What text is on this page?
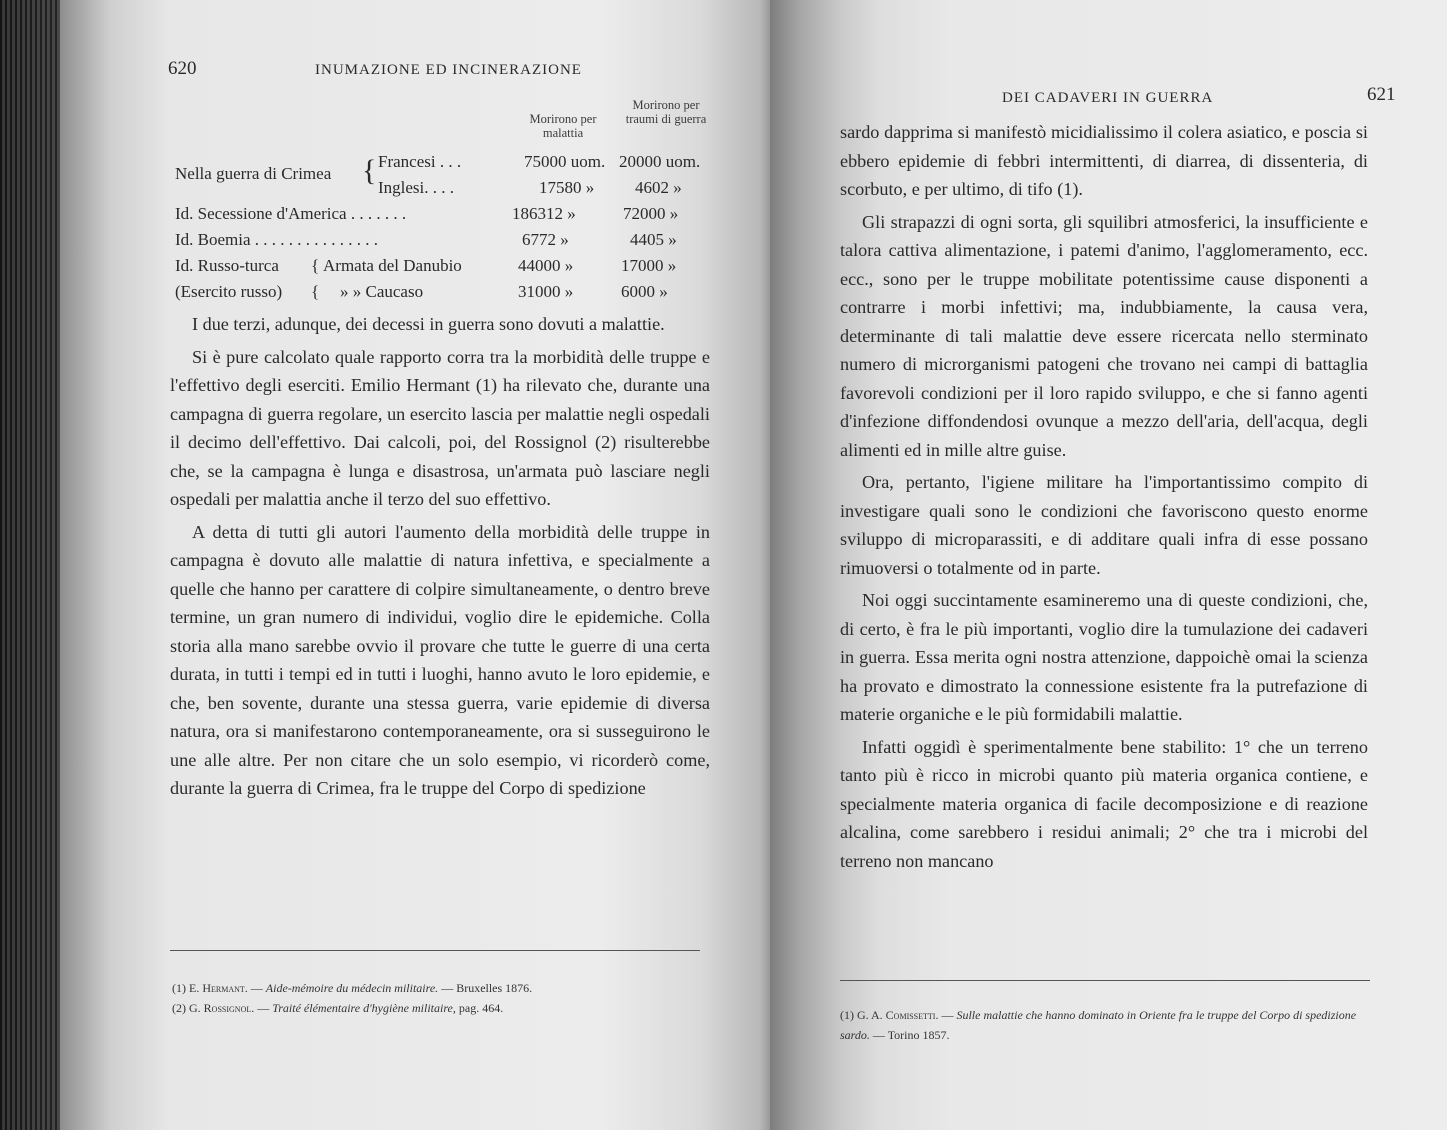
620	INUMAZIONE ED INCINERAZIONE
Morirono per malattia
Morirono per traumi di guerra
Nella guerra di Crimea { Francesi . . .	75000 uom. 20000 uom.
Inglesi. . . .	17580 » 4602 »
Id. Secessione d'America . . . . . . .	186312 »	72000 »
Id. Boemia . . . . . . . . . . . . . . .	6772 »	4405 »
Id. Russo-turca { Armata del Danubio	44000 »	17000 »
(Esercito russo) { » » Caucaso	31000 »	6000 »

I due terzi, adunque, dei decessi in guerra sono dovuti a malattie.

Si è pure calcolato quale rapporto corra tra la morbidità delle truppe e l'effettivo degli eserciti. Emilio Hermant (1) ha rilevato che, durante una campagna di guerra regolare, un esercito lascia per malattie negli ospedali il decimo dell'effettivo. Dai calcoli, poi, del Rossignol (2) risulterebbe che, se la campagna è lunga e disastrosa, un'armata può lasciare negli ospedali per malattia anche il terzo del suo effettivo.

A detta di tutti gli autori l'aumento della morbidità delle truppe in campagna è dovuto alle malattie di natura infettiva, e specialmente a quelle che hanno per carattere di colpire simultaneamente, o dentro breve termine, un gran numero di individui, voglio dire le epidemiche. Colla storia alla mano sarebbe ovvio il provare che tutte le guerre di una certa durata, in tutti i tempi ed in tutti i luoghi, hanno avuto le loro epidemie, e che, ben sovente, durante una stessa guerra, varie epidemie di diversa natura, ora si manifestarono contemporaneamente, ora si susseguirono le une alle altre. Per non citare che un solo esempio, vi ricorderò come, durante la guerra di Crimea, fra le truppe del Corpo di spedizione

(1) E. Hermant. — Aide-mémoire du médecin militaire. — Bruxelles 1876.
(2) G. Rossignol. — Traité élémentaire d'hygiène militaire, pag. 464.
DEI CADAVERI IN GUERRA	621

sardo dapprima si manifestò micidialissimo il colera asiatico, e poscia si ebbero epidemie di febbri intermittenti, di diarrea, di dissenteria, di scorbuto, e per ultimo, di tifo (1).

Gli strapazzi di ogni sorta, gli squilibri atmosferici, la insufficiente e talora cattiva alimentazione, i patemi d'animo, l'agglomeramento, ecc. ecc., sono per le truppe mobilitate potentissime cause disponenti a contrarre i morbi infettivi; ma, indubbiamente, la causa vera, determinante di tali malattie deve essere ricercata nello sterminato numero di microrganismi patogeni che trovano nei campi di battaglia favorevoli condizioni per il loro rapido sviluppo, e che si fanno agenti d'infezione diffondendosi ovunque a mezzo dell'aria, dell'acqua, degli alimenti ed in mille altre guise.

Ora, pertanto, l'igiene militare ha l'importantissimo compito di investigare quali sono le condizioni che favoriscono questo enorme sviluppo di microparassiti, e di additare quali infra di esse possano rimuoversi o totalmente od in parte.

Noi oggi succintamente esamineremo una di queste condizioni, che, di certo, è fra le più importanti, voglio dire la tumulazione dei cadaveri in guerra. Essa merita ogni nostra attenzione, dappoichè omai la scienza ha provato e dimostrato la connessione esistente fra la putrefazione di materie organiche e le più formidabili malattie.

Infatti oggidì è sperimentalmente bene stabilito: 1° che un terreno tanto più è ricco in microbi quanto più materia organica contiene, e specialmente materia organica di facile decomposizione e di reazione alcalina, come sarebbero i residui animali; 2° che tra i microbi del terreno non mancano

(1) G. A. Comissetti. — Sulle malattie che hanno dominato in Oriente fra le truppe del Corpo di spedizione sardo. — Torino 1857.
